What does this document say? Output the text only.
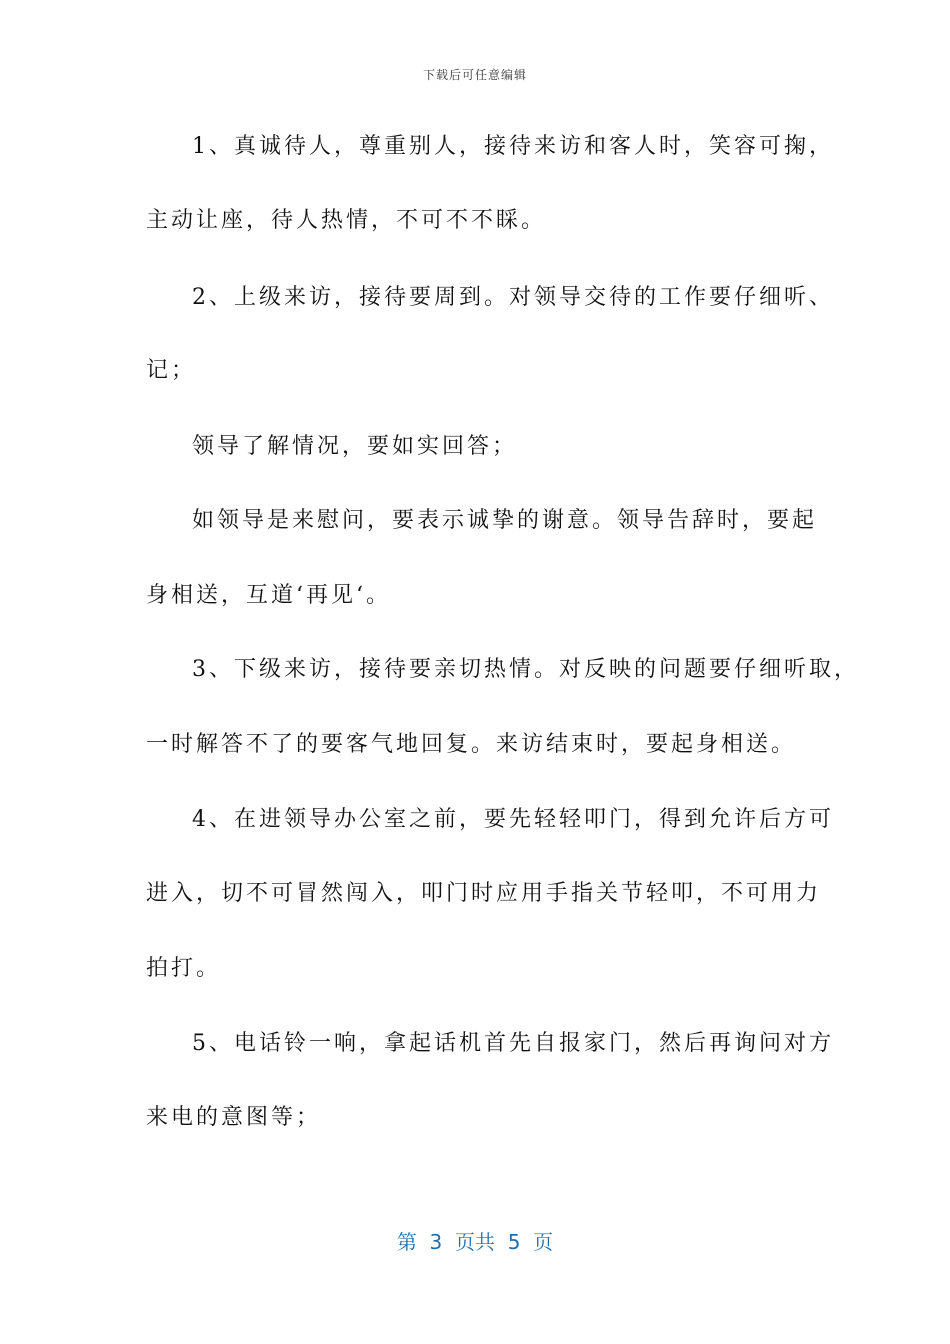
下载后可任意编辑
1、真诚待人，尊重别人，接待来访和客人时，笑容可掬，
主动让座，待人热情，不可不不睬。
2、上级来访，接待要周到。对领导交待的工作要仔细听、
记；
领导了解情况，要如实回答；
如领导是来慰问，要表示诚挚的谢意。领导告辞时，要起
身相送，互道‘再见‘。
3、下级来访，接待要亲切热情。对反映的问题要仔细听取，
一时解答不了的要客气地回复。来访结束时，要起身相送。
4、在进领导办公室之前，要先轻轻叩门，得到允许后方可
进入，切不可冒然闯入，叩门时应用手指关节轻叩，不可用力
拍打。
5、电话铃一响，拿起话机首先自报家门，然后再询问对方
来电的意图等；
第  3  页共  5  页
